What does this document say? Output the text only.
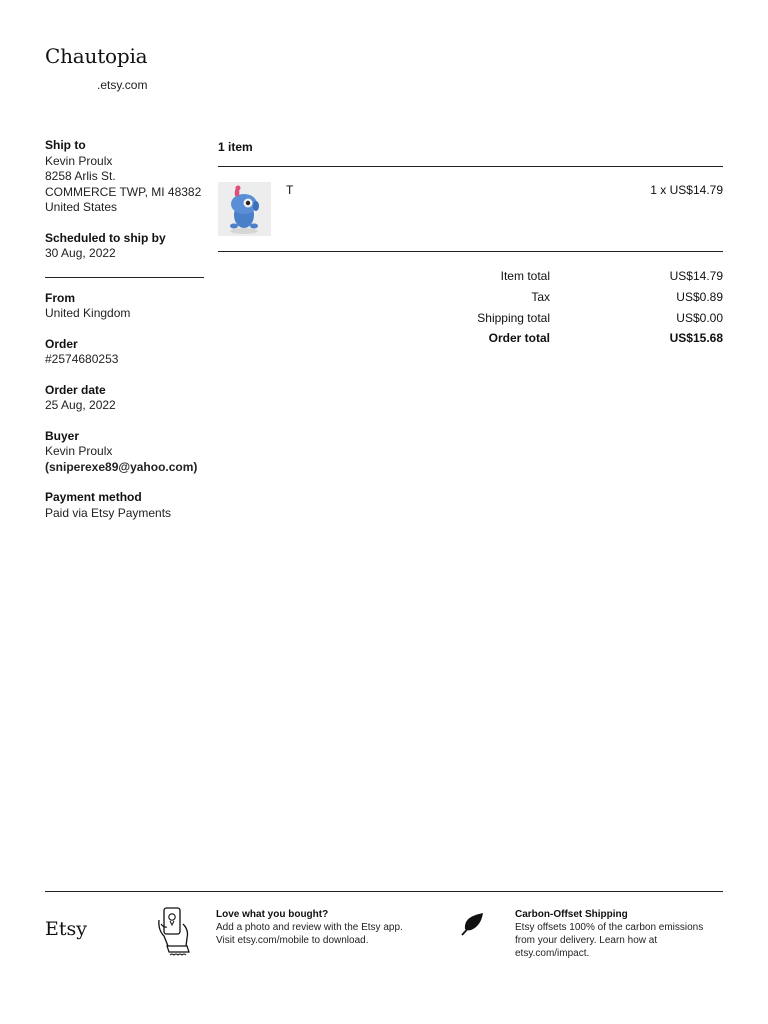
Chautopia
.etsy.com
Ship to
Kevin Proulx
8258 Arlis St.
COMMERCE TWP, MI 48382
United States
Scheduled to ship by
30 Aug, 2022
From
United Kingdom
Order
#2574680253
Order date
25 Aug, 2022
Buyer
Kevin Proulx
(sniperexe89@yahoo.com)
Payment method
Paid via Etsy Payments
1 item
T	1 x US$14.79
Item total	US$14.79
Tax	US$0.89
Shipping total	US$0.00
Order total	US$15.68
Etsy
Love what you bought?
Add a photo and review with the Etsy app.
Visit etsy.com/mobile to download.
Carbon-Offset Shipping
Etsy offsets 100% of the carbon emissions
from your delivery. Learn how at
etsy.com/impact.
